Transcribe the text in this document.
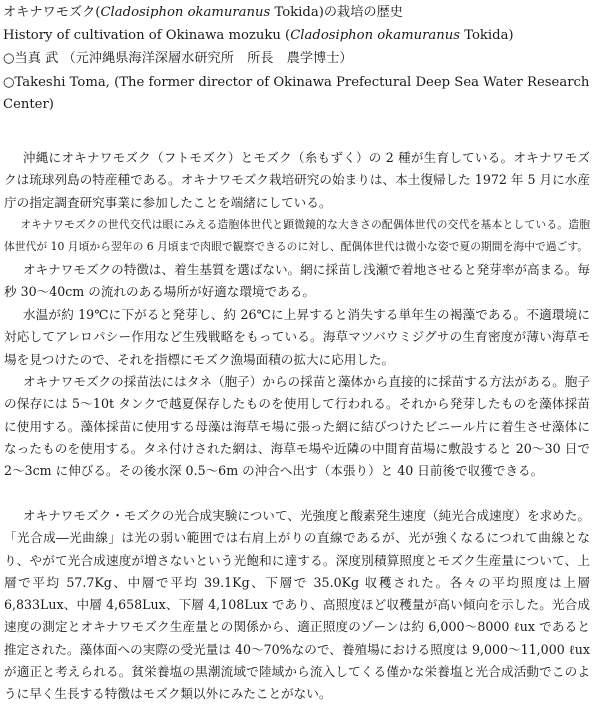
オキナワモズク(Cladosiphon okamuranus Tokida)の栽培の歴史
History of cultivation of Okinawa mozuku (Cladosiphon okamuranus Tokida)
○当真 武 （元沖縄県海洋深層水研究所　所長　農学博士）
○Takeshi Toma, (The former director of Okinawa Prefectural Deep Sea Water Research Center)

沖縄にオキナワモズク（フトモズク）とモズク（糸もずく）の 2 種が生育している。オキナワモズクは琉球列島の特産種である。オキナワモズク栽培研究の始まりは、本土復帰した 1972 年 5 月に水産庁の指定調査研究事業に参加したことを端緒にしている。

オキナワモズクの世代交代は眼にみえる造胞体世代と顕微鏡的な大きさの配偶体世代の交代を基本としている。造胞体世代が 10 月頃から翌年の 6 月頃まで肉眼で観察できるのに対し、配偶体世代は微小な姿で夏の期間を海中で過ごす。

オキナワモズクの特徴は、着生基質を選ばない。網に採苗し浅瀬で着地させると発芽率が高まる。毎秒 30～40cm の流れのある場所が好適な環境である。

水温が約 19℃に下がると発芽し、約 26℃に上昇すると消失する単年生の褐藻である。不適環境に対応してアレロパシー作用など生残戦略をもっている。海草マツバウミジグサの生育密度が薄い海草モ場を見つけたので、それを指標にモズク漁場面積の拡大に応用した。

オキナワモズクの採苗法にはタネ（胞子）からの採苗と藻体から直接的に採苗する方法がある。胞子の保存には 5～10t タンクで越夏保存したものを使用して行われる。それから発芽したものを藻体採苗に使用する。藻体採苗に使用する母藻は海草モ場に張った網に結びつけたビニール片に着生させ藻体になったものを使用する。タネ付けされた網は、海草モ場や近隣の中間育苗場に敷設すると 20～30 日で 2～3cm に伸びる。その後水深 0.5～6m の沖合へ出す（本張り）と 40 日前後で収獲できる。

オキナワモズク・モズクの光合成実験について、光強度と酸素発生速度（純光合成速度）を求めた。「光合成―光曲線」は光の弱い範囲では右肩上がりの直線であるが、光が強くなるにつれて曲線となり、やがて光合成速度が増さないという光飽和に達する。深度別積算照度とモズク生産量について、上層で平均 57.7Kg、中層で平均 39.1Kg、下層で 35.0Kg 収穫された。各々の平均照度は上層 6,833Lux、中層 4,658Lux、下層 4,108Lux であり、高照度ほど収穫量が高い傾向を示した。光合成速度の測定とオキナワモズク生産量との関係から、適正照度のゾーンは約 6,000～8000 ℓux であると推定された。藻体面への実際の受光量は 40～70%なので、養殖場における照度は 9,000～11,000 ℓux が適正と考えられる。貧栄養塩の黒潮流域で陸域から流入してくる僅かな栄養塩と光合成活動でこのように早く生長する特徴はモズク類以外にみたことがない。
